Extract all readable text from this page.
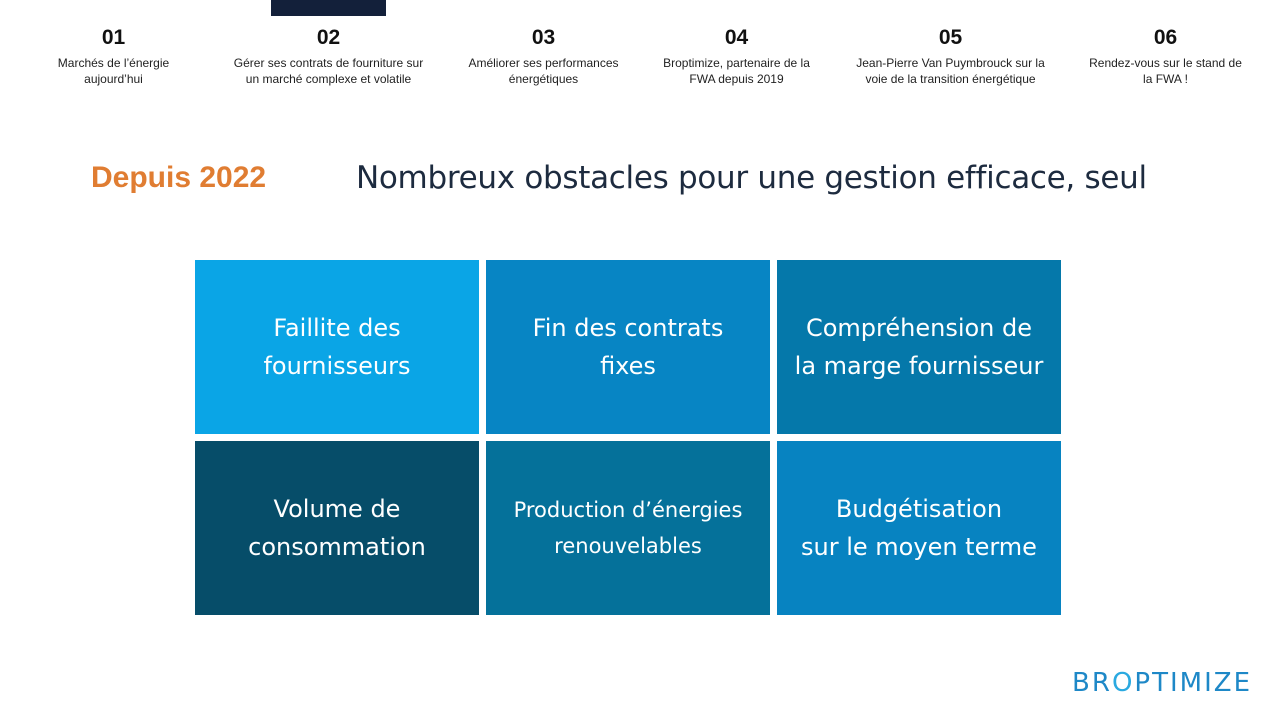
01
Marchés de l’énergie
aujourd’hui
02
Gérer ses contrats de fourniture sur
un marché complexe et volatile
03
Améliorer ses performances
énergétiques
04
Broptimize, partenaire de la
FWA depuis 2019
05
Jean-Pierre Van Puymbrouck sur la
voie de la transition énergétique
06
Rendez-vous sur le stand de
la FWA !
Depuis 2022	Nombreux obstacles pour une gestion efficace, seul
Faillite des
fournisseurs
Fin des contrats
fixes
Compréhension de
la marge fournisseur
Volume de
consommation
Production d’énergies
renouvelables
Budgétisation
sur le moyen terme
BROPTIMIZE
